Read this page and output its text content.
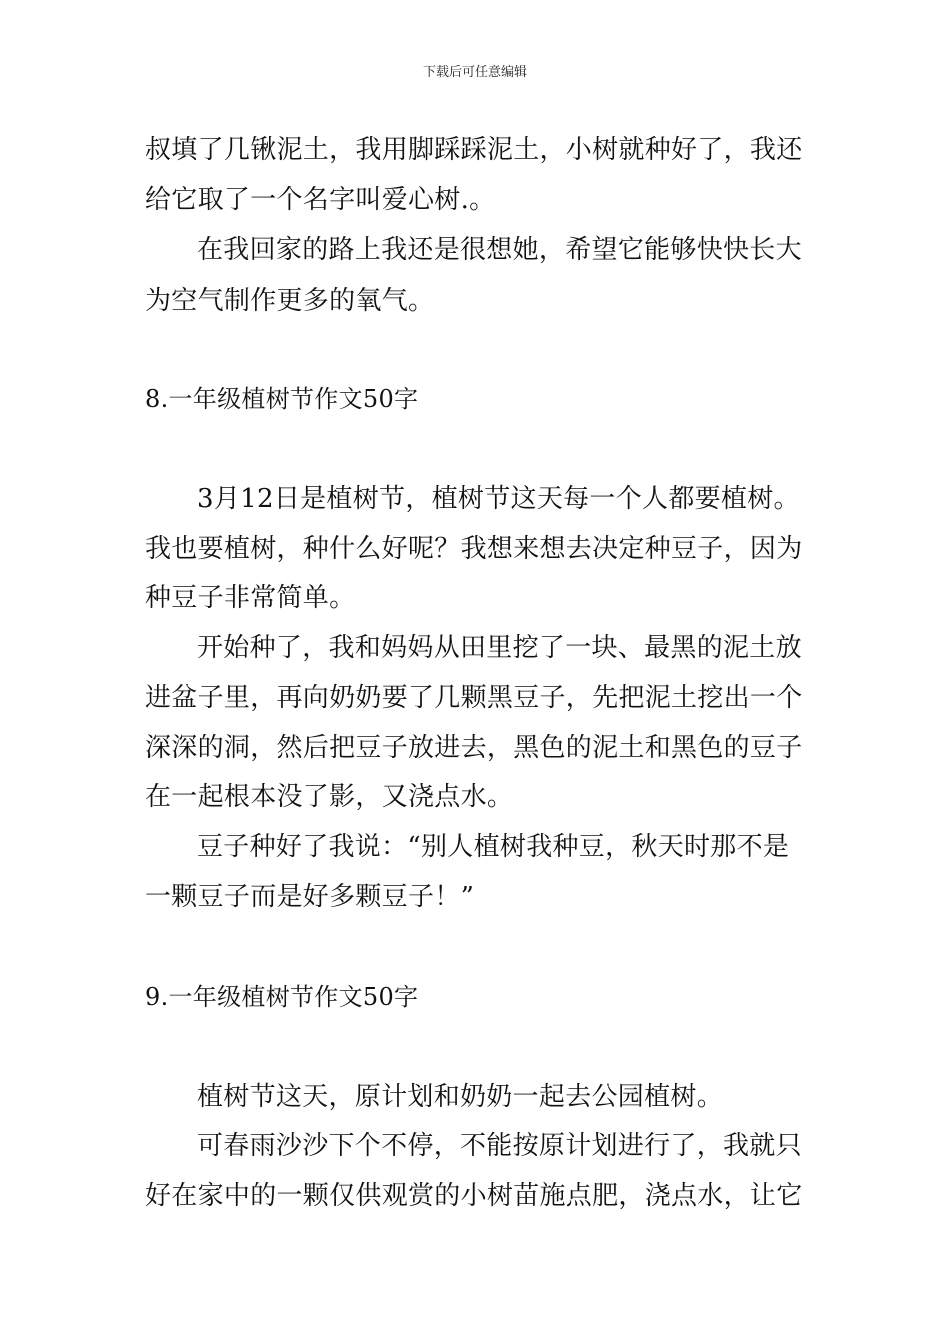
下载后可任意编辑
叔填了几锹泥土，我用脚踩踩泥土，小树就种好了，我还
给它取了一个名字叫爱心树.。
在我回家的路上我还是很想她，希望它能够快快长大
为空气制作更多的氧气。
8.一年级植树节作文50字
3月12日是植树节，植树节这天每一个人都要植树。
我也要植树，种什么好呢？我想来想去决定种豆子，因为
种豆子非常简单。
开始种了，我和妈妈从田里挖了一块、最黑的泥土放
进盆子里，再向奶奶要了几颗黑豆子，先把泥土挖出一个
深深的洞，然后把豆子放进去，黑色的泥土和黑色的豆子
在一起根本没了影，又浇点水。
豆子种好了我说：“别人植树我种豆，秋天时那不是
一颗豆子而是好多颗豆子！”
9.一年级植树节作文50字
植树节这天，原计划和奶奶一起去公园植树。
可春雨沙沙下个不停，不能按原计划进行了，我就只
好在家中的一颗仅供观赏的小树苗施点肥，浇点水，让它
